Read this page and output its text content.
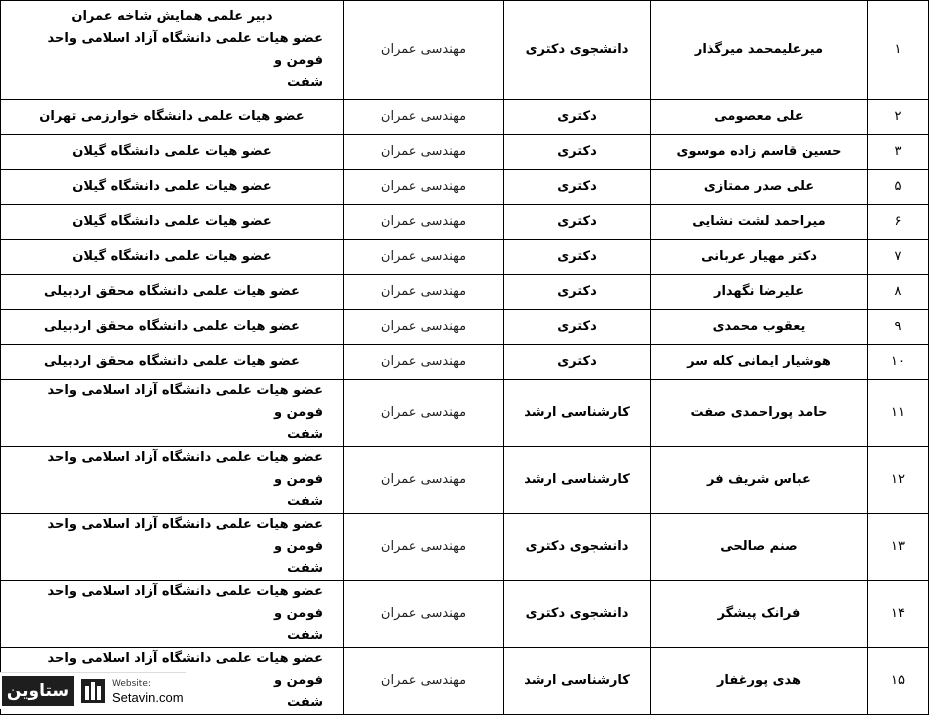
۱	میرعلیمحمد میرگذار	دانشجوی دکتری	مهندسی عمران	دبیر علمی همایش شاخه عمران
عضو هیات علمی دانشگاه آزاد اسلامی واحد فومن و
شفت

۲	علی معصومی	دکتری	مهندسی عمران	عضو هیات علمی دانشگاه خوارزمی تهران

۳	حسین قاسم زاده موسوی	دکتری	مهندسی عمران	عضو هیات علمی دانشگاه گیلان

۵	علی صدر ممتازی	دکتری	مهندسی عمران	عضو هیات علمی دانشگاه گیلان

۶	میراحمد لشت نشایی	دکتری	مهندسی عمران	عضو هیات علمی دانشگاه گیلان

۷	دکتر مهیار عربانی	دکتری	مهندسی عمران	عضو هیات علمی دانشگاه گیلان

۸	علیرضا نگهدار	دکتری	مهندسی عمران	عضو هیات علمی دانشگاه محقق اردبیلی

۹	یعقوب محمدی	دکتری	مهندسی عمران	عضو هیات علمی دانشگاه محقق اردبیلی

۱۰	هوشیار ایمانی کله سر	دکتری	مهندسی عمران	عضو هیات علمی دانشگاه محقق اردبیلی

۱۱	حامد پوراحمدی صفت	کارشناسی ارشد	مهندسی عمران	عضو هیات علمی دانشگاه آزاد اسلامی واحد فومن و
شفت

۱۲	عباس شریف فر	کارشناسی ارشد	مهندسی عمران	عضو هیات علمی دانشگاه آزاد اسلامی واحد فومن و
شفت

۱۳	صنم صالحی	دانشجوی دکتری	مهندسی عمران	عضو هیات علمی دانشگاه آزاد اسلامی واحد فومن و
شفت

۱۴	فرانک پیشگر	دانشجوی دکتری	مهندسی عمران	عضو هیات علمی دانشگاه آزاد اسلامی واحد فومن و
شفت

۱۵	هدی پورغفار	کارشناسی ارشد	مهندسی عمران	عضو هیات علمی دانشگاه آزاد اسلامی واحد فومن و
شفت
ستاوین	Website:
Setavin.com
